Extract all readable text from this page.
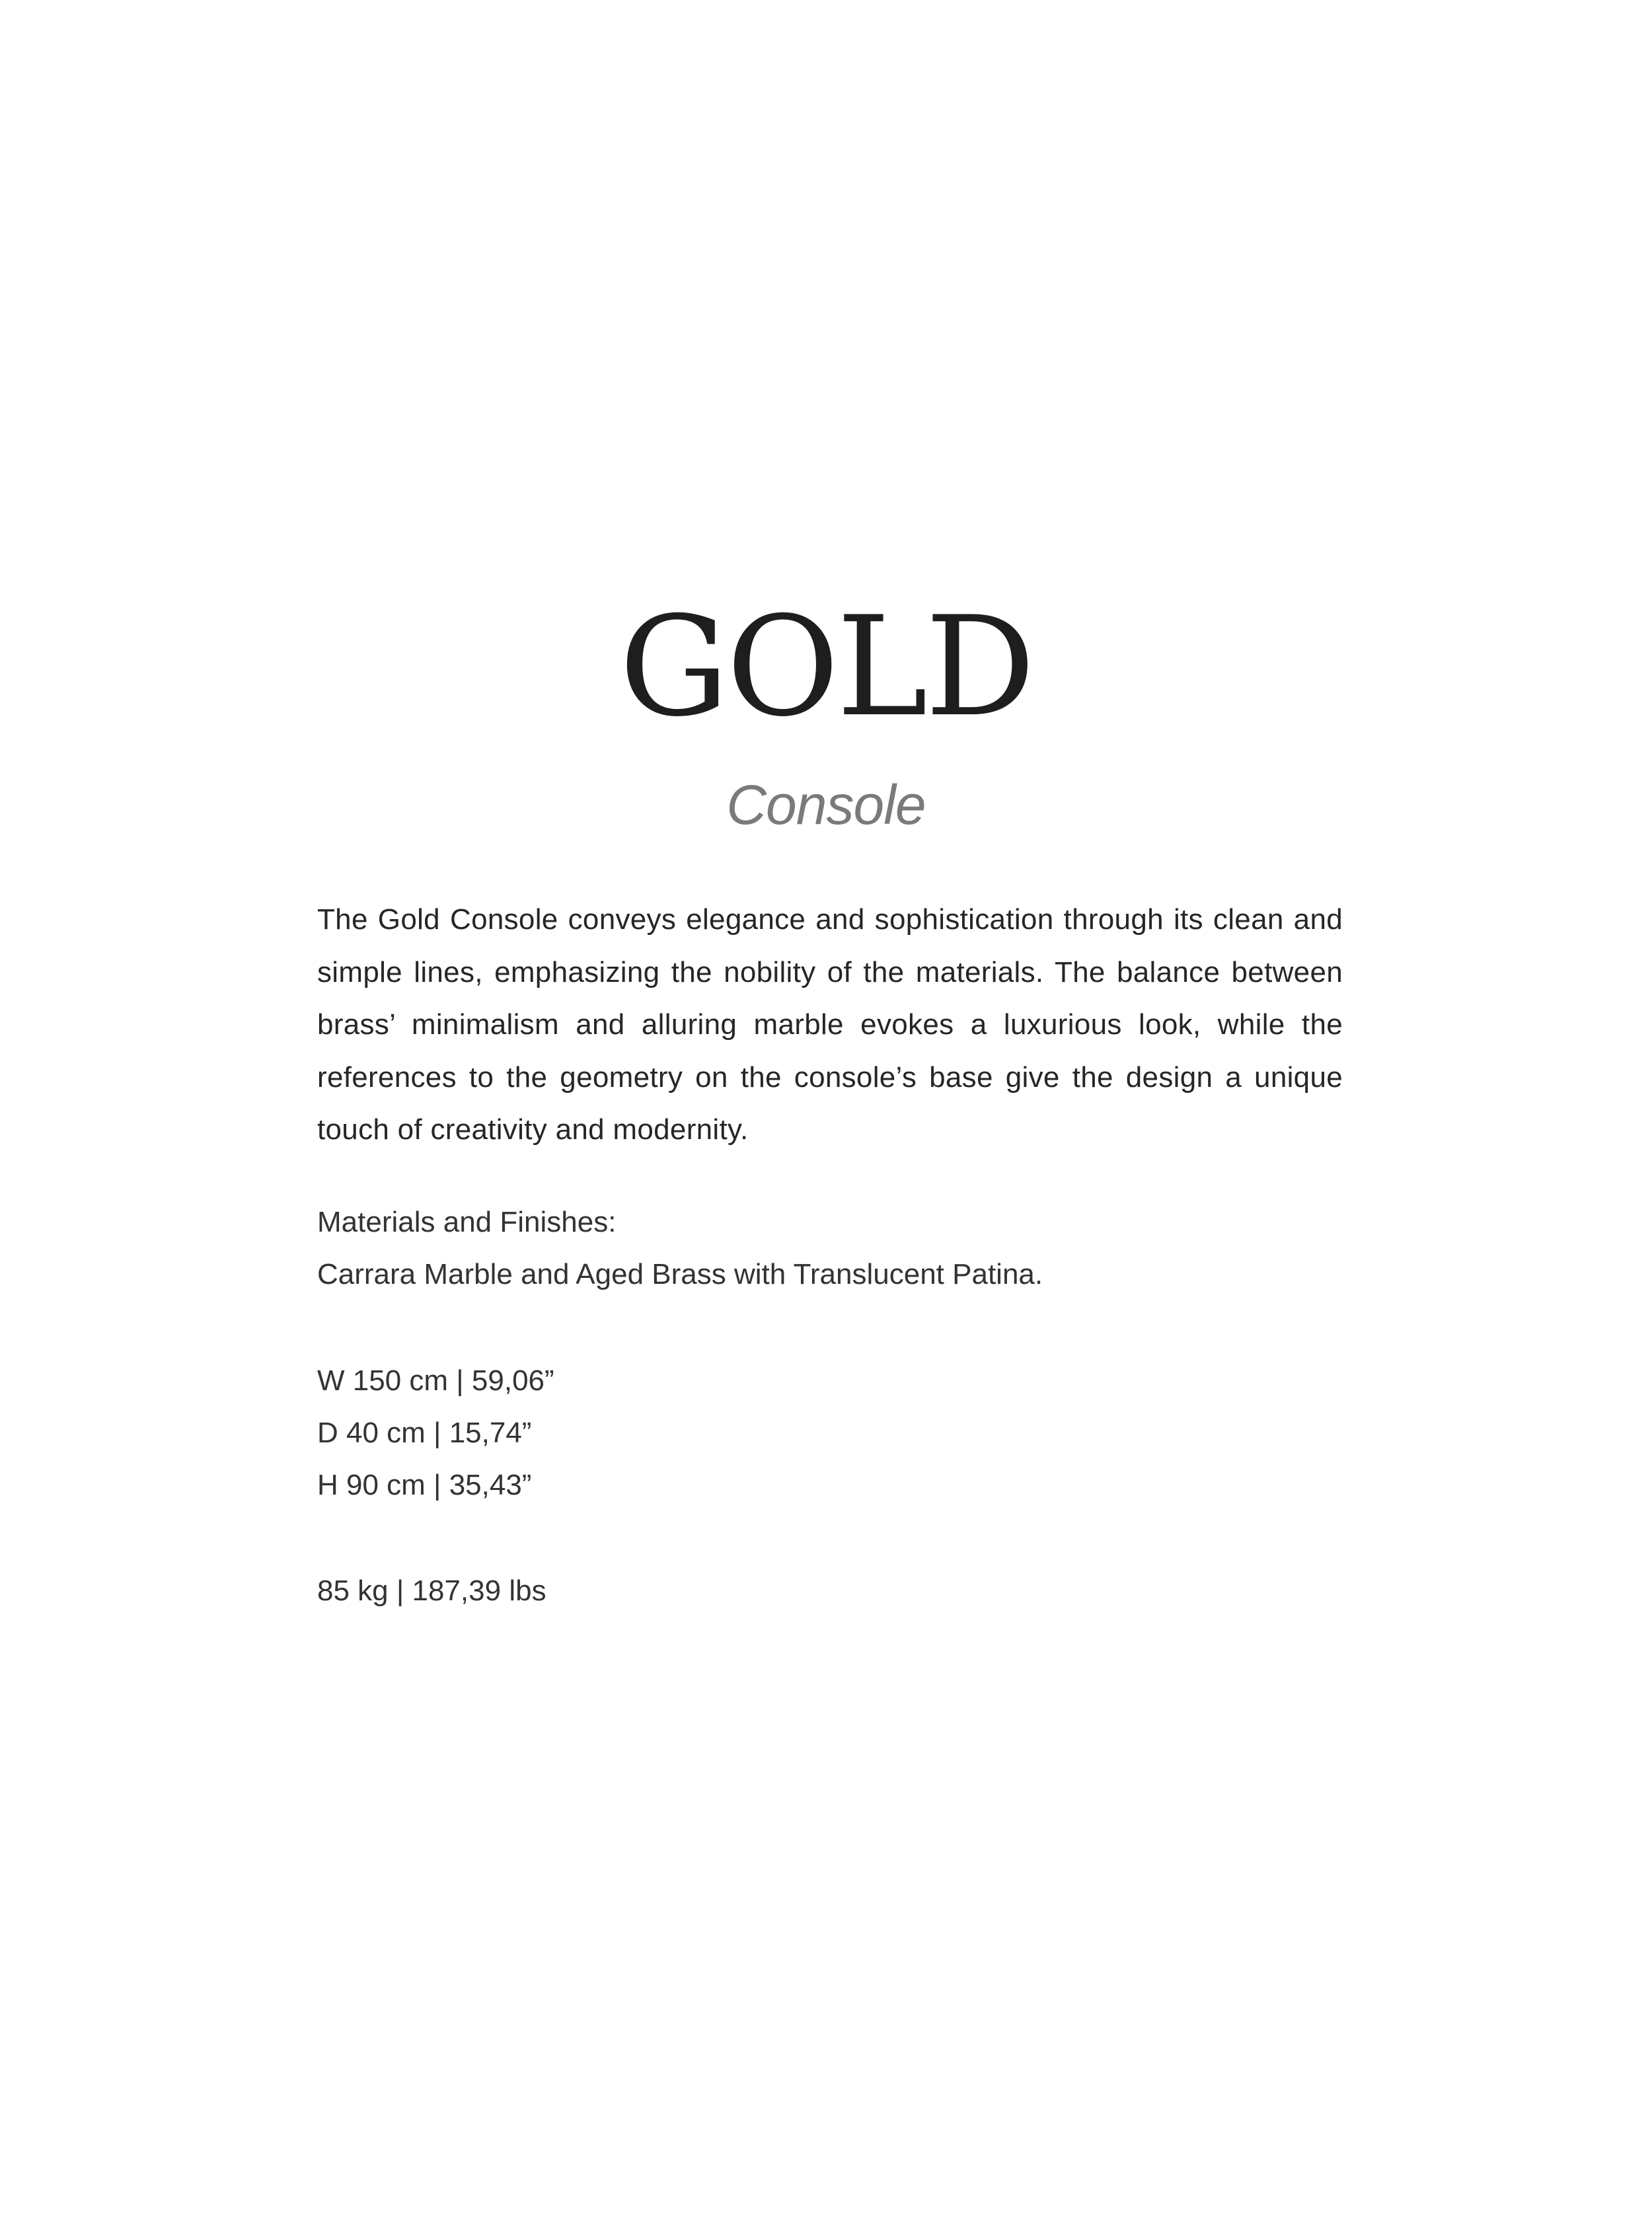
GOLD
Console

The Gold Console conveys elegance and sophistication through its clean and simple lines, emphasizing the nobility of the materials. The balance between brass’ minimalism and alluring marble evokes a luxurious look, while the references to the geometry on the console’s base give the design a unique touch of creativity and modernity.

Materials and Finishes:
Carrara Marble and Aged Brass with Translucent Patina.
W 150 cm | 59,06”
D 40 cm | 15,74”
H 90 cm | 35,43”
85 kg | 187,39 lbs
